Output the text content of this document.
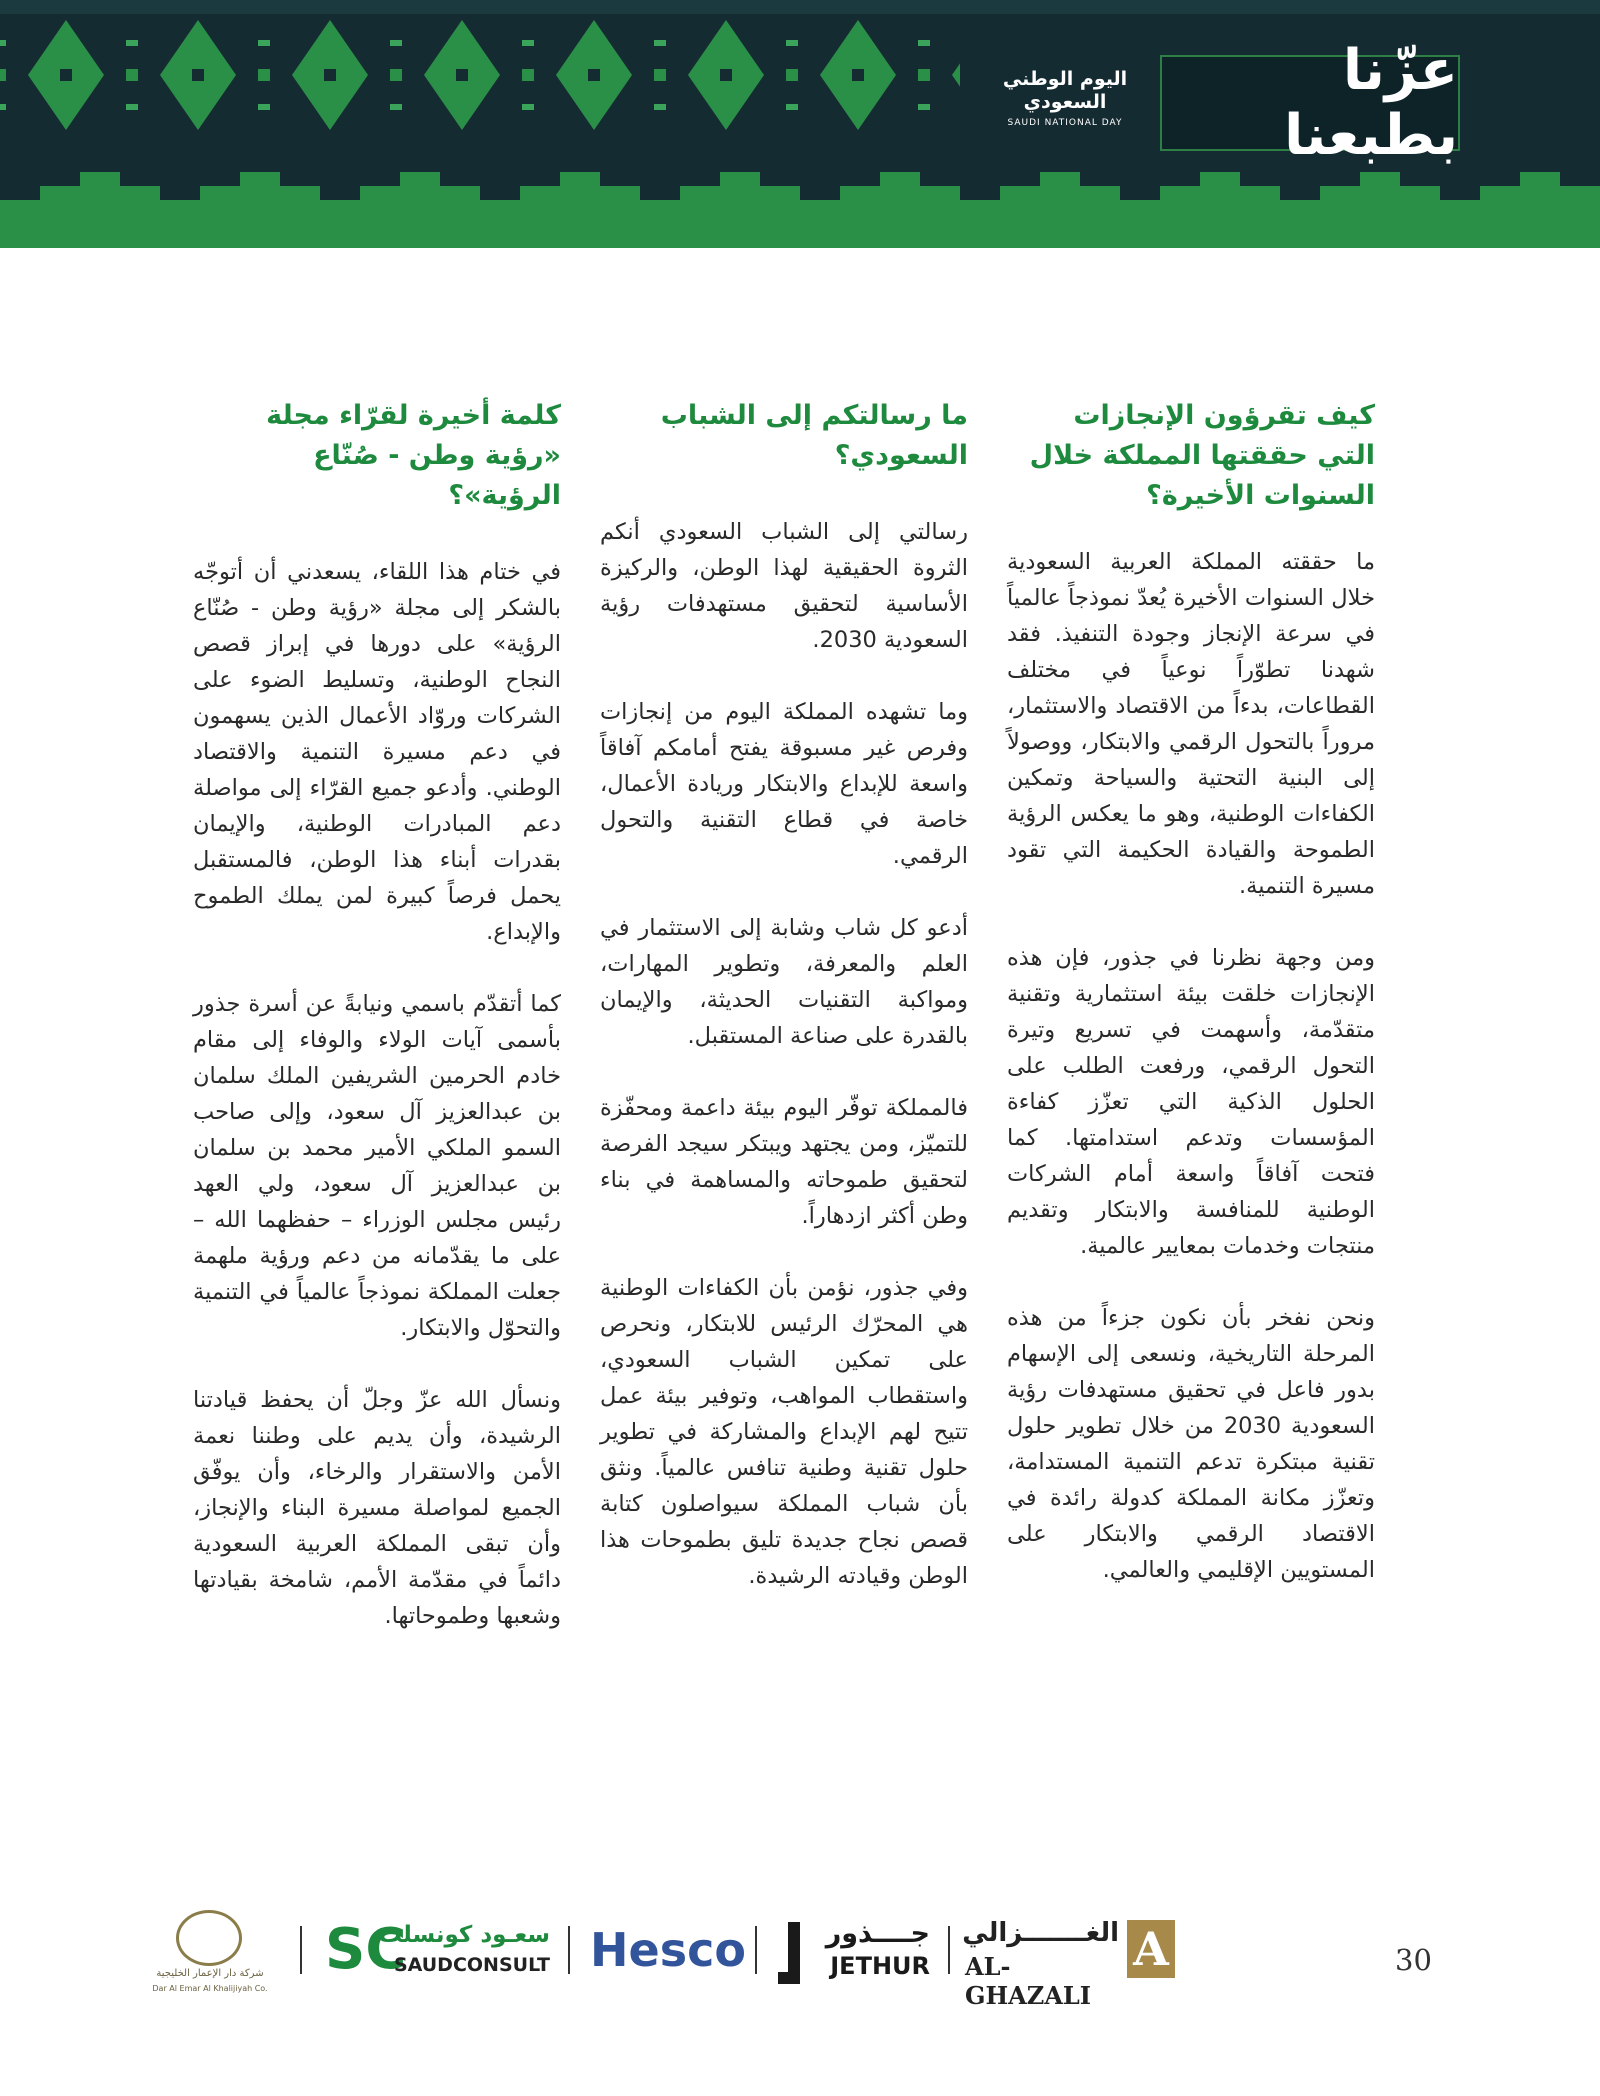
اليوم الوطني
السعودي
SAUDI NATIONAL DAY
عزّنا بطبعنا
كيف تقرؤون الإنجازات التي حققتها المملكة خلال السنوات الأخيرة؟

ما حققته المملكة العربية السعودية خلال السنوات الأخيرة يُعدّ نموذجاً عالمياً في سرعة الإنجاز وجودة التنفيذ. فقد شهدنا تطوّراً نوعياً في مختلف القطاعات، بدءاً من الاقتصاد والاستثمار، مروراً بالتحول الرقمي والابتكار، ووصولاً إلى البنية التحتية والسياحة وتمكين الكفاءات الوطنية، وهو ما يعكس الرؤية الطموحة والقيادة الحكيمة التي تقود مسيرة التنمية.

ومن وجهة نظرنا في جذور، فإن هذه الإنجازات خلقت بيئة استثمارية وتقنية متقدّمة، وأسهمت في تسريع وتيرة التحول الرقمي، ورفعت الطلب على الحلول الذكية التي تعزّز كفاءة المؤسسات وتدعم استدامتها. كما فتحت آفاقاً واسعة أمام الشركات الوطنية للمنافسة والابتكار وتقديم منتجات وخدمات بمعايير عالمية.

ونحن نفخر بأن نكون جزءاً من هذه المرحلة التاريخية، ونسعى إلى الإسهام بدور فاعل في تحقيق مستهدفات رؤية السعودية 2030 من خلال تطوير حلول تقنية مبتكرة تدعم التنمية المستدامة، وتعزّز مكانة المملكة كدولة رائدة في الاقتصاد الرقمي والابتكار على المستويين الإقليمي والعالمي.

ما رسالتكم إلى الشباب السعودي؟

رسالتي إلى الشباب السعودي أنكم الثروة الحقيقية لهذا الوطن، والركيزة الأساسية لتحقيق مستهدفات رؤية السعودية 2030.

وما تشهده المملكة اليوم من إنجازات وفرص غير مسبوقة يفتح أمامكم آفاقاً واسعة للإبداع والابتكار وريادة الأعمال، خاصة في قطاع التقنية والتحول الرقمي.

أدعو كل شاب وشابة إلى الاستثمار في العلم والمعرفة، وتطوير المهارات، ومواكبة التقنيات الحديثة، والإيمان بالقدرة على صناعة المستقبل.

فالمملكة توفّر اليوم بيئة داعمة ومحفّزة للتميّز، ومن يجتهد ويبتكر سيجد الفرصة لتحقيق طموحاته والمساهمة في بناء وطن أكثر ازدهاراً.

وفي جذور، نؤمن بأن الكفاءات الوطنية هي المحرّك الرئيس للابتكار، ونحرص على تمكين الشباب السعودي، واستقطاب المواهب، وتوفير بيئة عمل تتيح لهم الإبداع والمشاركة في تطوير حلول تقنية وطنية تنافس عالمياً. ونثق بأن شباب المملكة سيواصلون كتابة قصص نجاح جديدة تليق بطموحات هذا الوطن وقيادته الرشيدة.

كلمة أخيرة لقرّاء مجلة «رؤية وطن - صُنّاع الرؤية»؟

في ختام هذا اللقاء، يسعدني أن أتوجّه بالشكر إلى مجلة «رؤية وطن - صُنّاع الرؤية» على دورها في إبراز قصص النجاح الوطنية، وتسليط الضوء على الشركات وروّاد الأعمال الذين يسهمون في دعم مسيرة التنمية والاقتصاد الوطني. وأدعو جميع القرّاء إلى مواصلة دعم المبادرات الوطنية، والإيمان بقدرات أبناء هذا الوطن، فالمستقبل يحمل فرصاً كبيرة لمن يملك الطموح والإبداع.

كما أتقدّم باسمي ونيابةً عن أسرة جذور بأسمى آيات الولاء والوفاء إلى مقام خادم الحرمين الشريفين الملك سلمان بن عبدالعزيز آل سعود، وإلى صاحب السمو الملكي الأمير محمد بن سلمان بن عبدالعزيز آل سعود، ولي العهد رئيس مجلس الوزراء – حفظهما الله – على ما يقدّمانه من دعم ورؤية ملهمة جعلت المملكة نموذجاً عالمياً في التنمية والتحوّل والابتكار.

ونسأل الله عزّ وجلّ أن يحفظ قيادتنا الرشيدة، وأن يديم على وطننا نعمة الأمن والاستقرار والرخاء، وأن يوفّق الجميع لمواصلة مسيرة البناء والإنجاز، وأن تبقى المملكة العربية السعودية دائماً في مقدّمة الأمم، شامخة بقيادتها وشعبها وطموحاتها.

30
A
الغـــــــزالي
AL-GHAZALI
جــــذور
JETHUR
Hesco
SC
سعـود كونسلت
SAUDCONSULT
شركة دار الإعمار الخليجية
Dar Al Emar Al Khalijiyah Co.
